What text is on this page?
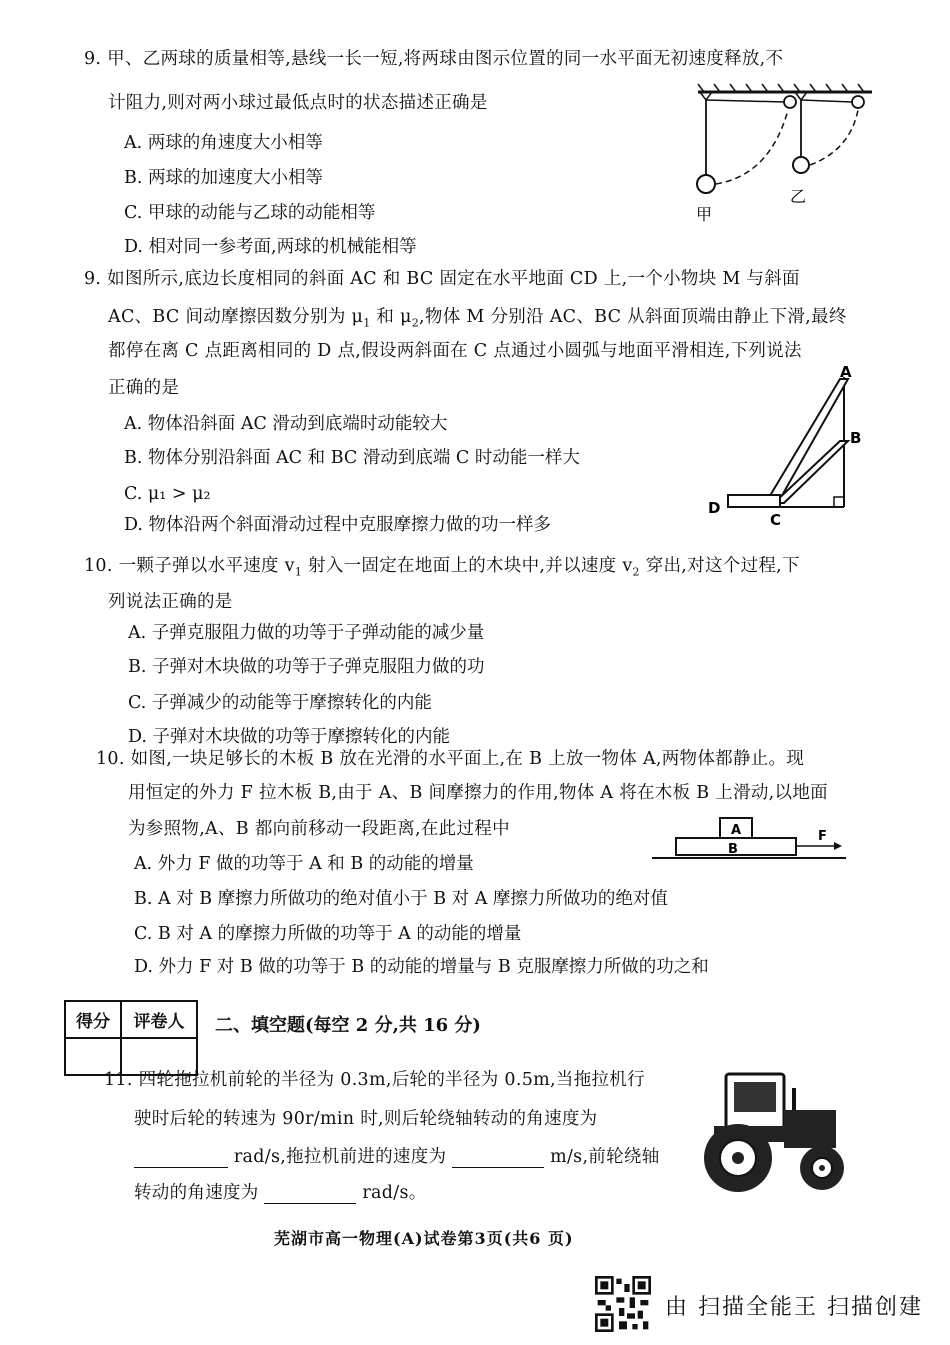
9. 甲、乙两球的质量相等,悬线一长一短,将两球由图示位置的同一水平面无初速度释放,不
计阻力,则对两小球过最低点时的状态描述正确是
A. 两球的角速度大小相等
B. 两球的加速度大小相等
C. 甲球的动能与乙球的动能相等
D. 相对同一参考面,两球的机械能相等
甲
乙
9. 如图所示,底边长度相同的斜面 AC 和 BC 固定在水平地面 CD 上,一个小物块 M 与斜面
AC、BC 间动摩擦因数分别为 $\mu_1$ 和 $\mu_2$,物体 M 分别沿 AC、BC 从斜面顶端由静止下滑,最终
都停在离 C 点距离相同的 D 点,假设两斜面在 C 点通过小圆弧与地面平滑相连,下列说法
正确的是
A. 物体沿斜面 AC 滑动到底端时动能较大
B. 物体分别沿斜面 AC 和 BC 滑动到底端 C 时动能一样大
C. μ₁ > μ₂
D. 物体沿两个斜面滑动过程中克服摩擦力做的功一样多
A
B
C
D
10. 一颗子弹以水平速度 $v_1$ 射入一固定在地面上的木块中,并以速度 $v_2$ 穿出,对这个过程,下
列说法正确的是
A. 子弹克服阻力做的功等于子弹动能的减少量
B. 子弹对木块做的功等于子弹克服阻力做的功
C. 子弹减少的动能等于摩擦转化的内能
D. 子弹对木块做的功等于摩擦转化的内能
10. 如图,一块足够长的木板 B 放在光滑的水平面上,在 B 上放一物体 A,两物体都静止。现
用恒定的外力 F 拉木板 B,由于 A、B 间摩擦力的作用,物体 A 将在木板 B 上滑动,以地面
为参照物,A、B 都向前移动一段距离,在此过程中
A. 外力 F 做的功等于 A 和 B 的动能的增量
B. A 对 B 摩擦力所做功的绝对值小于 B 对 A 摩擦力所做功的绝对值
C. B 对 A 的摩擦力所做的功等于 A 的动能的增量
D. 外力 F 对 B 做的功等于 B 的动能的增量与 B 克服摩擦力所做的功之和
A
B
F
得分	评卷人
	二、填空题(每空 2 分,共 16 分)
11. 四轮拖拉机前轮的半径为 0.3m,后轮的半径为 0.5m,当拖拉机行
驶时后轮的转速为 90r/min 时,则后轮绕轴转动的角速度为
rad/s,拖拉机前进的速度为	m/s,前轮绕轴
转动的角速度为	rad/s。
芜湖市高一物理(A)试卷第3页(共6 页)
由 扫描全能王 扫描创建
